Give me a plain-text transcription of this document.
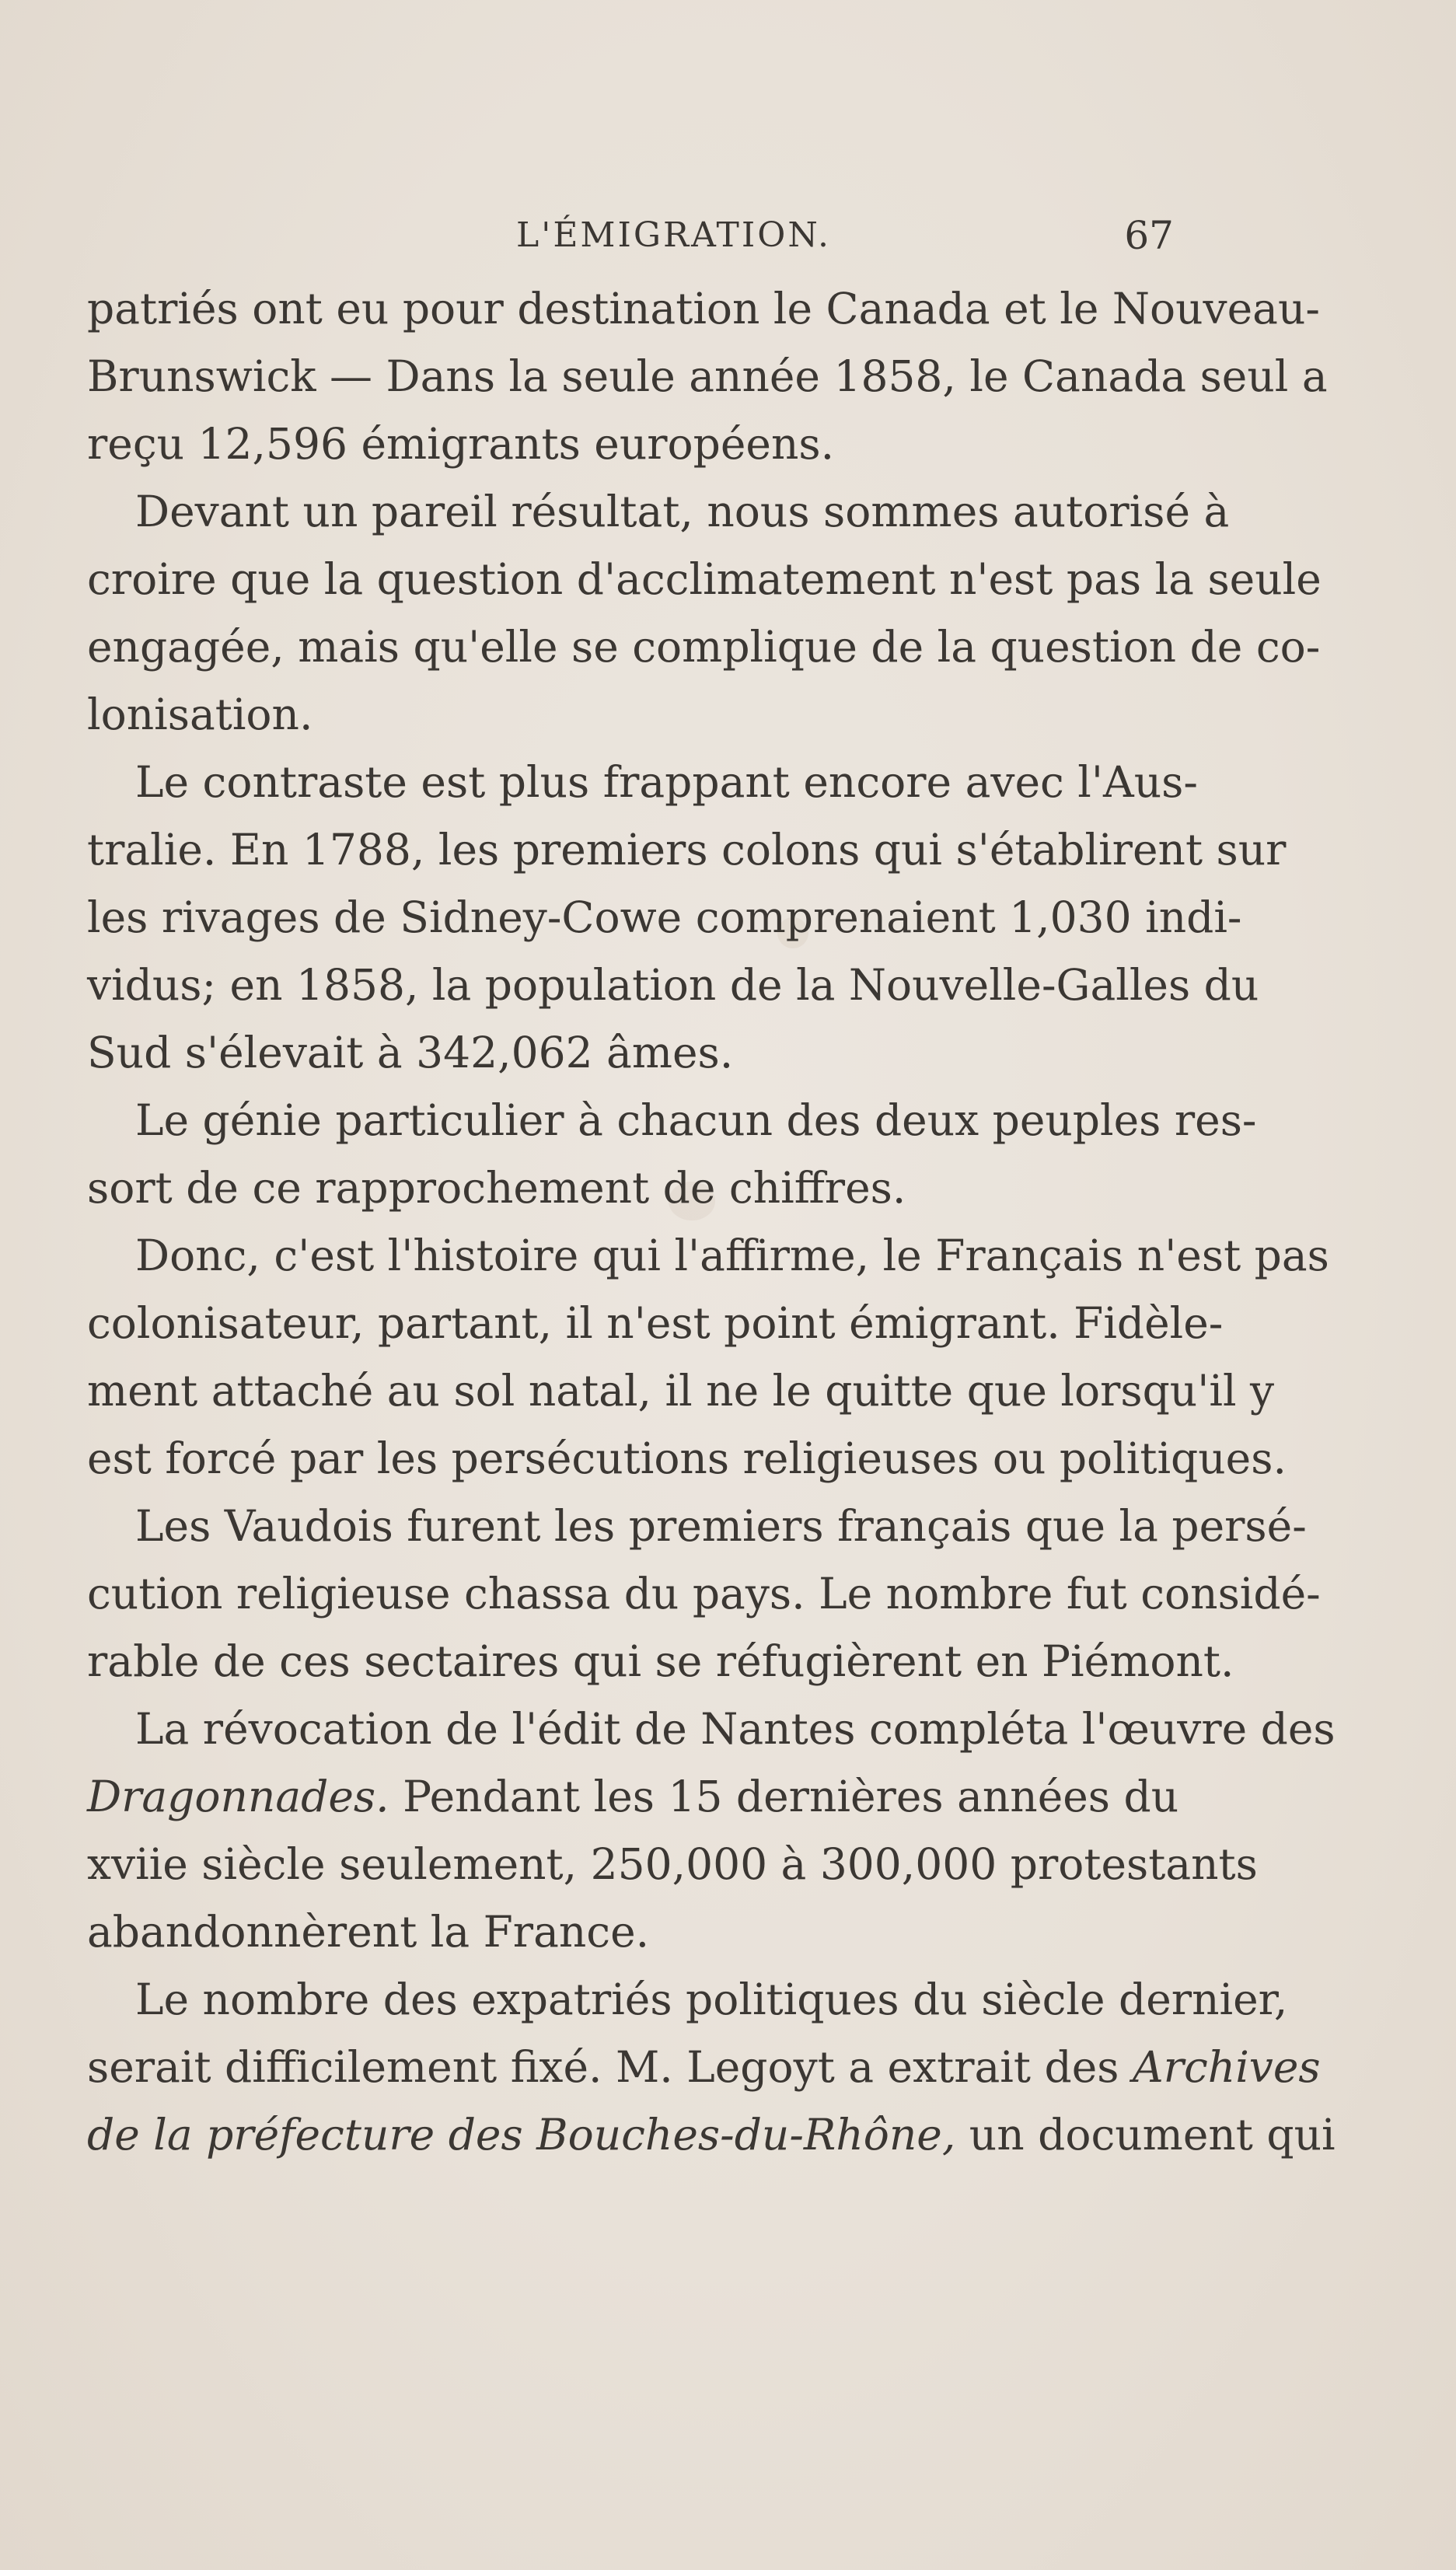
L'ÉMIGRATION.	67
patriés ont eu pour destination le Canada et le Nouveau-
Brunswick — Dans la seule année 1858, le Canada seul a
reçu 12,596 émigrants européens.
Devant un pareil résultat, nous sommes autorisé à
croire que la question d'acclimatement n'est pas la seule
engagée, mais qu'elle se complique de la question de co-
lonisation.
Le contraste est plus frappant encore avec l'Aus-
tralie. En 1788, les premiers colons qui s'établirent sur
les rivages de Sidney-Cowe comprenaient 1,030 indi-
vidus; en 1858, la population de la Nouvelle-Galles du
Sud s'élevait à 342,062 âmes.
Le génie particulier à chacun des deux peuples res-
sort de ce rapprochement de chiffres.
Donc, c'est l'histoire qui l'affirme, le Français n'est pas
colonisateur, partant, il n'est point émigrant. Fidèle-
ment attaché au sol natal, il ne le quitte que lorsqu'il y
est forcé par les persécutions religieuses ou politiques.
Les Vaudois furent les premiers français que la persé-
cution religieuse chassa du pays. Le nombre fut considé-
rable de ces sectaires qui se réfugièrent en Piémont.
La révocation de l'édit de Nantes compléta l'œuvre des
Dragonnades. Pendant les 15 dernières années du
xviie siècle seulement, 250,000 à 300,000 protestants
abandonnèrent la France.
Le nombre des expatriés politiques du siècle dernier,
serait difficilement fixé. M. Legoyt a extrait des Archives
de la préfecture des Bouches-du-Rhône, un document qui
